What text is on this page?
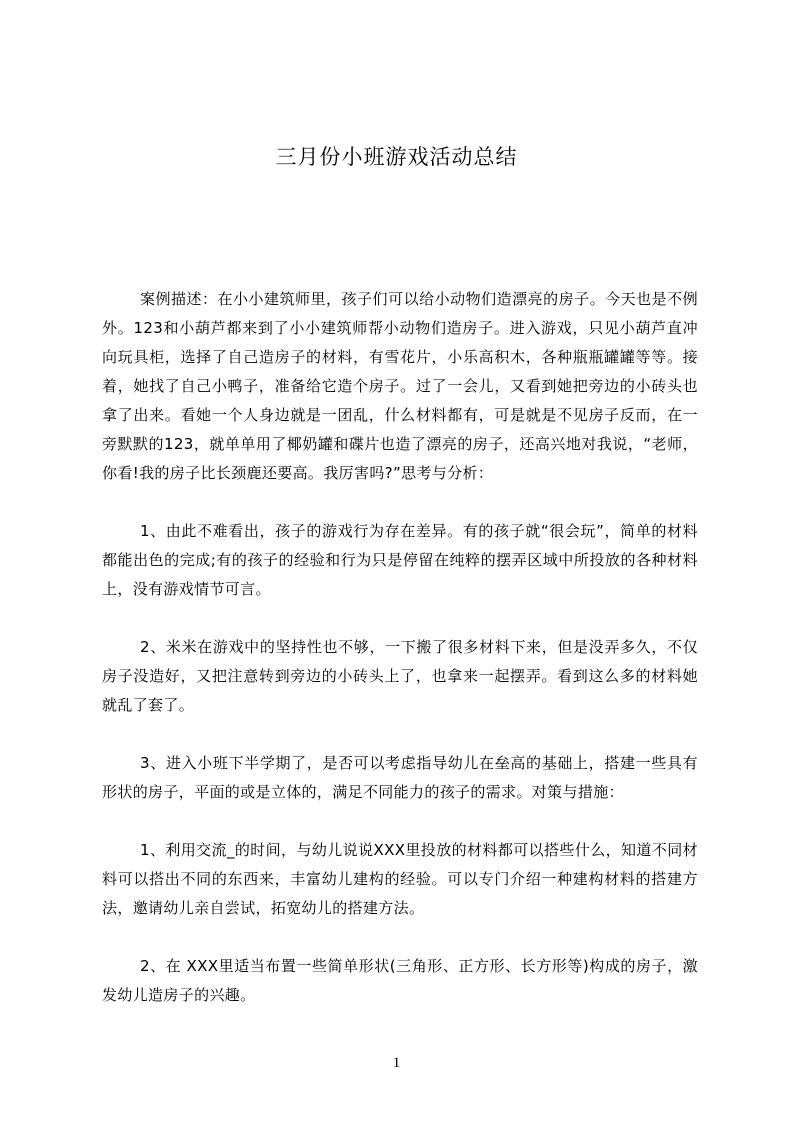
三月份小班游戏活动总结

案例描述：在小小建筑师里，孩子们可以给小动物们造漂亮的房子。今天也是不例外。123和小葫芦都来到了小小建筑师帮小动物们造房子。进入游戏，只见小葫芦直冲向玩具柜，选择了自己造房子的材料，有雪花片，小乐高积木，各种瓶瓶罐罐等等。接着，她找了自己小鸭子，准备给它造个房子。过了一会儿，又看到她把旁边的小砖头也拿了出来。看她一个人身边就是一团乱，什么材料都有，可是就是不见房子反而，在一旁默默的123，就单单用了椰奶罐和碟片也造了漂亮的房子，还高兴地对我说，“老师，你看!我的房子比长颈鹿还要高。我厉害吗?”思考与分析：

1、由此不难看出，孩子的游戏行为存在差异。有的孩子就“很会玩”，简单的材料都能出色的完成;有的孩子的经验和行为只是停留在纯粹的摆弄区域中所投放的各种材料上，没有游戏情节可言。

2、米米在游戏中的坚持性也不够，一下搬了很多材料下来，但是没弄多久，不仅房子没造好，又把注意转到旁边的小砖头上了，也拿来一起摆弄。看到这么多的材料她就乱了套了。

3、进入小班下半学期了，是否可以考虑指导幼儿在垒高的基础上，搭建一些具有形状的房子，平面的或是立体的，满足不同能力的孩子的需求。对策与措施：

1、利用交流_的时间，与幼儿说说XXX里投放的材料都可以搭些什么，知道不同材料可以搭出不同的东西来，丰富幼儿建构的经验。可以专门介绍一种建构材料的搭建方法，邀请幼儿亲自尝试，拓宽幼儿的搭建方法。

2、在 XXX里适当布置一些简单形状(三角形、正方形、长方形等)构成的房子，激发幼儿造房子的兴趣。

1
